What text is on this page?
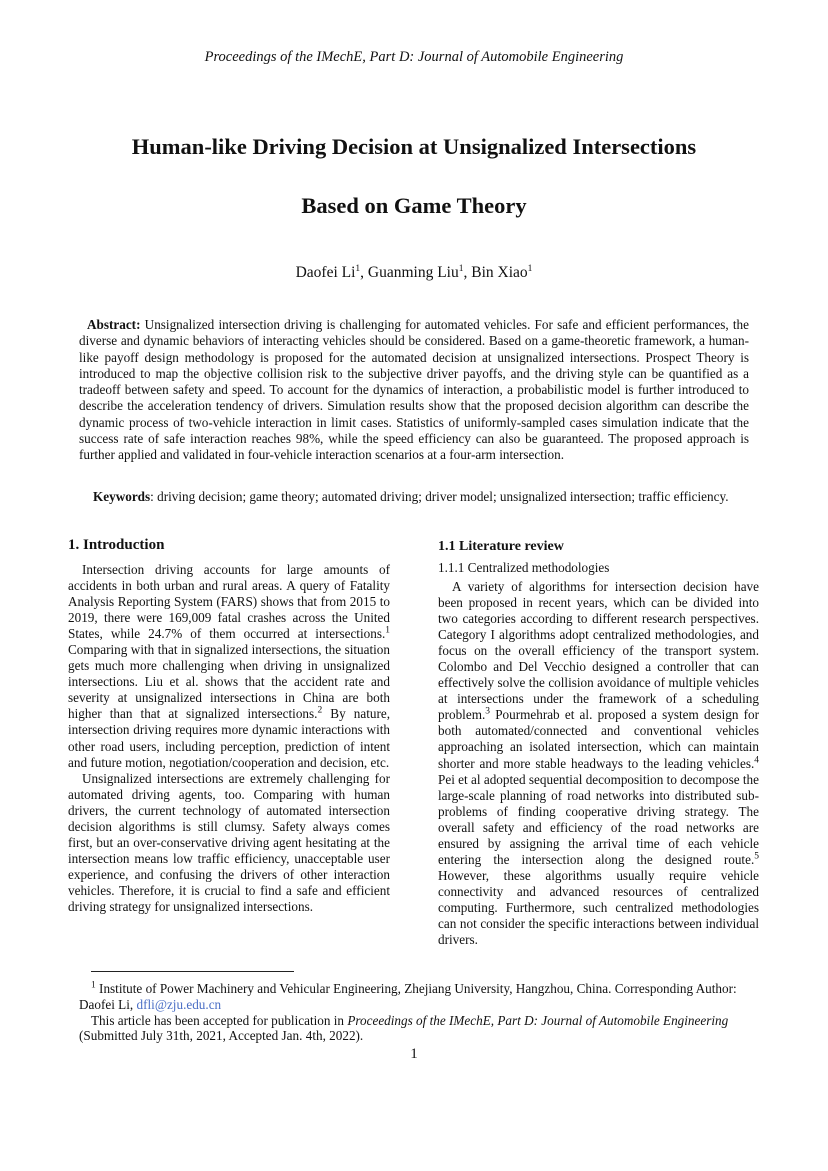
Proceedings of the IMechE, Part D: Journal of Automobile Engineering
Human-like Driving Decision at Unsignalized Intersections
Based on Game Theory
Daofei Li$^1$, Guanming Liu$^1$, Bin Xiao$^1$
Abstract: Unsignalized intersection driving is challenging for automated vehicles. For safe and efficient performances, the diverse and dynamic behaviors of interacting vehicles should be considered. Based on a game-theoretic framework, a human-like payoff design methodology is proposed for the automated decision at unsignalized intersections. Prospect Theory is introduced to map the objective collision risk to the subjective driver payoffs, and the driving style can be quantified as a tradeoff between safety and speed. To account for the dynamics of interaction, a probabilistic model is further introduced to describe the acceleration tendency of drivers. Simulation results show that the proposed decision algorithm can describe the dynamic process of two-vehicle interaction in limit cases. Statistics of uniformly-sampled cases simulation indicate that the success rate of safe interaction reaches 98%, while the speed efficiency can also be guaranteed. The proposed approach is further applied and validated in four-vehicle interaction scenarios at a four-arm intersection.
Keywords: driving decision; game theory; automated driving; driver model; unsignalized intersection; traffic efficiency.
1. Introduction

Intersection driving accounts for large amounts of accidents in both urban and rural areas. A query of Fatality Analysis Reporting System (FARS) shows that from 2015 to 2019, there were 169,009 fatal crashes across the United States, while 24.7% of them occurred at intersections.$^1$ Comparing with that in signalized intersections, the situation gets much more challenging when driving in unsignalized intersections. Liu et al. shows that the accident rate and severity at unsignalized intersections in China are both higher than that at signalized intersections.$^2$ By nature, intersection driving requires more dynamic interactions with other road users, including perception, prediction of intent and future motion, negotiation/cooperation and decision, etc.

Unsignalized intersections are extremely challenging for automated driving agents, too. Comparing with human drivers, the current technology of automated intersection decision algorithms is still clumsy. Safety always comes first, but an over-conservative driving agent hesitating at the intersection means low traffic efficiency, unacceptable user experience, and confusing the drivers of other interaction vehicles. Therefore, it is crucial to find a safe and efficient driving strategy for unsignalized intersections.

1.1 Literature review
1.1.1 Centralized methodologies

A variety of algorithms for intersection decision have been proposed in recent years, which can be divided into two categories according to different research perspectives. Category I algorithms adopt centralized methodologies, and focus on the overall efficiency of the transport system. Colombo and Del Vecchio designed a controller that can effectively solve the collision avoidance of multiple vehicles at intersections under the framework of a scheduling problem.$^3$ Pourmehrab et al. proposed a system design for both automated/connected and conventional vehicles approaching an isolated intersection, which can maintain shorter and more stable headways to the leading vehicles.$^4$ Pei et al adopted sequential decomposition to decompose the large-scale planning of road networks into distributed sub-problems of finding cooperative driving strategy. The overall safety and efficiency of the road networks are ensured by assigning the arrival time of each vehicle entering the intersection along the designed route.$^5$ However, these algorithms usually require vehicle connectivity and advanced resources of centralized computing. Furthermore, such centralized methodologies can not consider the specific interactions between individual drivers.

$^1$ Institute of Power Machinery and Vehicular Engineering, Zhejiang University, Hangzhou, China. Corresponding Author: Daofei Li, dfli@zju.edu.cn

This article has been accepted for publication in Proceedings of the IMechE, Part D: Journal of Automobile Engineering (Submitted July 31th, 2021, Accepted Jan. 4th, 2022).

1
